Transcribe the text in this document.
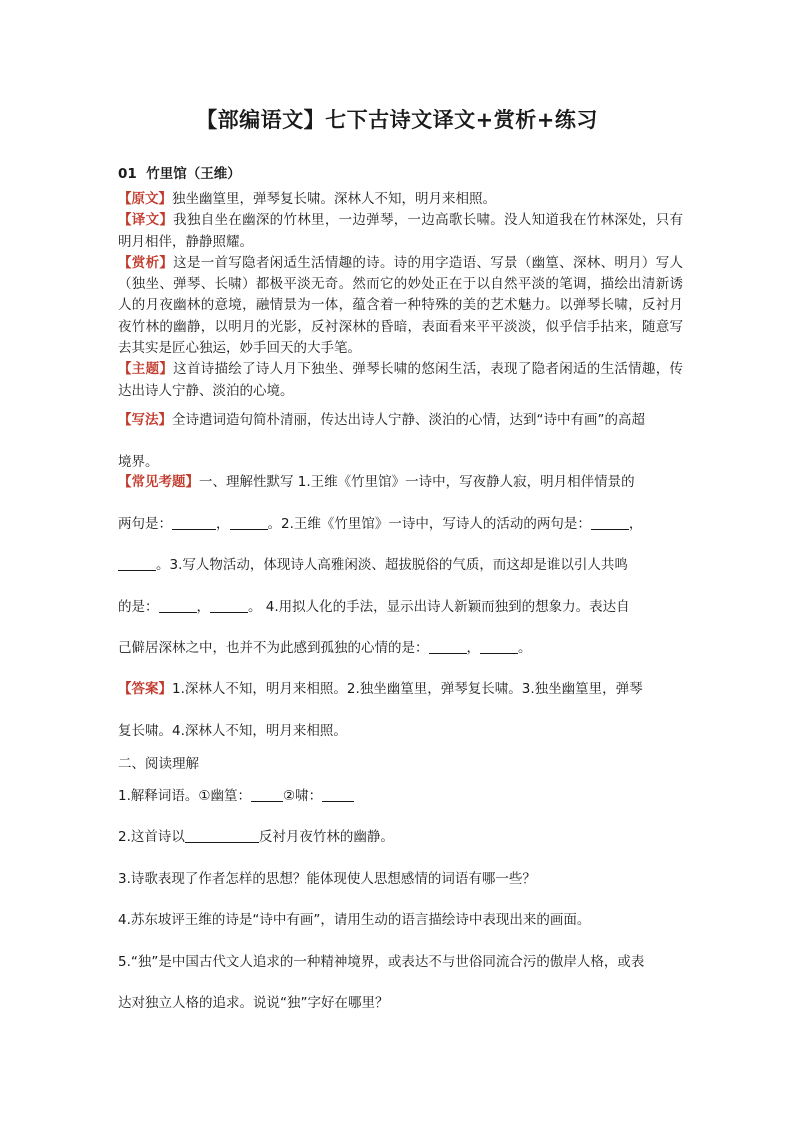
【部编语文】七下古诗文译文+赏析+练习
01 竹里馆（王维）

【原文】独坐幽篁里，弹琴复长啸。深林人不知，明月来相照。

【译文】我独自坐在幽深的竹林里，一边弹琴，一边高歌长啸。没人知道我在竹林深处，只有明月相伴，静静照耀。

【赏析】这是一首写隐者闲适生活情趣的诗。诗的用字造语、写景（幽篁、深林、明月）写人（独坐、弹琴、长啸）都极平淡无奇。然而它的妙处正在于以自然平淡的笔调，描绘出清新诱人的月夜幽林的意境，融情景为一体，蕴含着一种特殊的美的艺术魅力。以弹琴长啸，反衬月夜竹林的幽静，以明月的光影，反衬深林的昏暗，表面看来平平淡淡，似乎信手拈来，随意写去其实是匠心独运，妙手回天的大手笔。

【主题】这首诗描绘了诗人月下独坐、弹琴长啸的悠闲生活，表现了隐者闲适的生活情趣，传达出诗人宁静、淡泊的心境。

【写法】全诗遣词造句简朴清丽，传达出诗人宁静、淡泊的心情，达到“诗中有画”的高超

境界。

【常见考题】一、理解性默写 1.王维《竹里馆》一诗中，写夜静人寂，明月相伴情景的

两句是：	，	。2.王维《竹里馆》一诗中，写诗人的活动的两句是：	，

。3.写人物活动，体现诗人高雅闲淡、超拔脱俗的气质，而这却是谁以引人共鸣

的是：	，	。 4.用拟人化的手法，显示出诗人新颖而独到的想象力。表达自

己僻居深林之中，也并不为此感到孤独的心情的是：	，	。

【答案】1.深林人不知，明月来相照。2.独坐幽篁里，弹琴复长啸。3.独坐幽篁里，弹琴

复长啸。4.深林人不知，明月来相照。

二、阅读理解

1.解释词语。①幽篁： ②啸：

2.这首诗以	反衬月夜竹林的幽静。

3.诗歌表现了作者怎样的思想？能体现使人思想感情的词语有哪一些？

4.苏东坡评王维的诗是“诗中有画”，请用生动的语言描绘诗中表现出来的画面。

5.“独”是中国古代文人追求的一种精神境界，或表达不与世俗同流合污的傲岸人格，或表

达对独立人格的追求。说说“独”字好在哪里？
